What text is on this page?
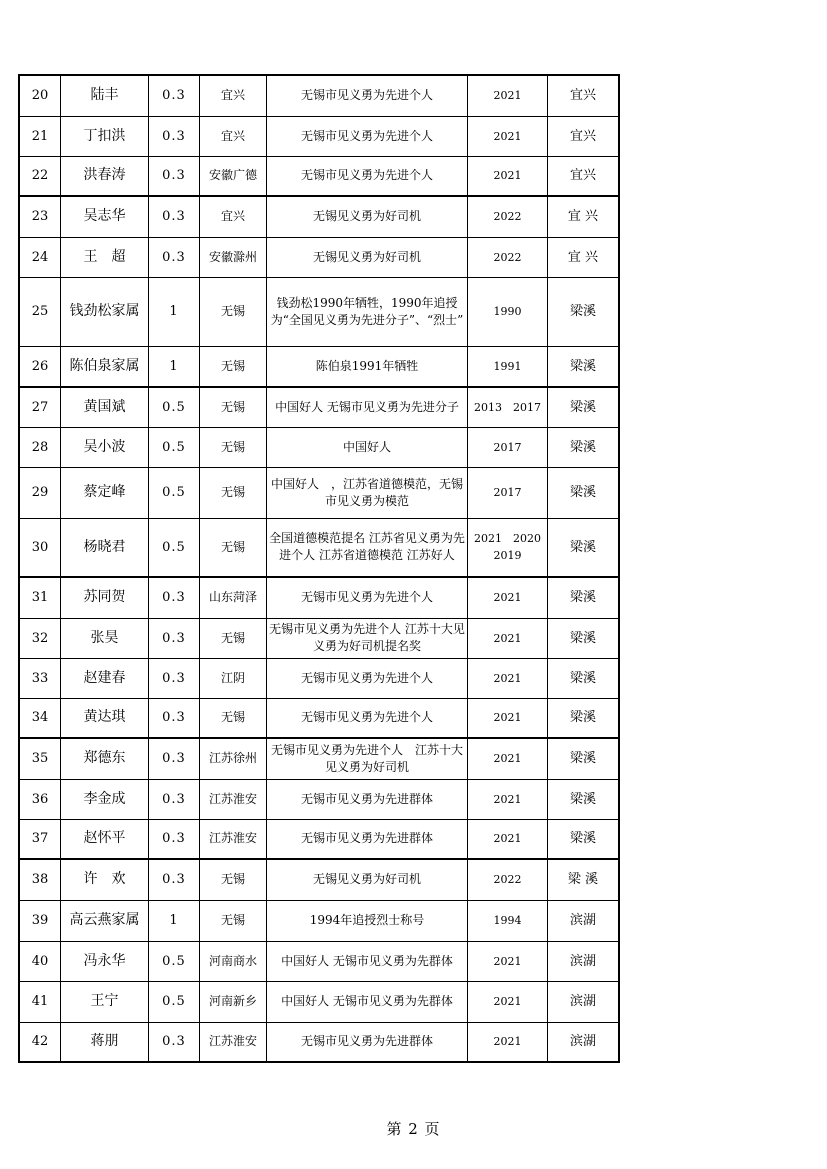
20	陆丰	0.3	宜兴	无锡市见义勇为先进个人	2021	宜兴
21	丁扣洪	0.3	宜兴	无锡市见义勇为先进个人	2021	宜兴
22	洪春涛	0.3	安徽广德	无锡市见义勇为先进个人	2021	宜兴
23	吴志华	0.3	宜兴	无锡见义勇为好司机	2022	宜 兴
24	王　超	0.3	安徽滁州	无锡见义勇为好司机	2022	宜 兴
25	钱劲松家属	1	无锡	钱劲松1990年牺牲，1990年追授为“全国见义勇为先进分子”、“烈士”	1990	梁溪
26	陈伯泉家属	1	无锡	陈伯泉1991年牺牲	1991	梁溪
27	黄国斌	0.5	无锡	中国好人 无锡市见义勇为先进分子	2013　2017	梁溪
28	吴小波	0.5	无锡	中国好人	2017	梁溪
29	蔡定峰	0.5	无锡	中国好人　，江苏省道德模范，无锡市见义勇为模范	2017	梁溪
30	杨晓君	0.5	无锡	全国道德模范提名 江苏省见义勇为先进个人 江苏省道德模范 江苏好人	2021　2020　2019	梁溪
31	苏同贺	0.3	山东菏泽	无锡市见义勇为先进个人	2021	梁溪
32	张昊	0.3	无锡	无锡市见义勇为先进个人 江苏十大见义勇为好司机提名奖	2021	梁溪
33	赵建春	0.3	江阴	无锡市见义勇为先进个人	2021	梁溪
34	黄达琪	0.3	无锡	无锡市见义勇为先进个人	2021	梁溪
35	郑德东	0.3	江苏徐州	无锡市见义勇为先进个人　江苏十大见义勇为好司机	2021	梁溪
36	李金成	0.3	江苏淮安	无锡市见义勇为先进群体	2021	梁溪
37	赵怀平	0.3	江苏淮安	无锡市见义勇为先进群体	2021	梁溪
38	许　欢	0.3	无锡	无锡见义勇为好司机	2022	梁 溪
39	高云燕家属	1	无锡	1994年追授烈士称号	1994	滨湖
40	冯永华	0.5	河南商水	中国好人 无锡市见义勇为先群体	2021	滨湖
41	王宁	0.5	河南新乡	中国好人 无锡市见义勇为先群体	2021	滨湖
42	蒋朋	0.3	江苏淮安	无锡市见义勇为先进群体	2021	滨湖
第 2 页
